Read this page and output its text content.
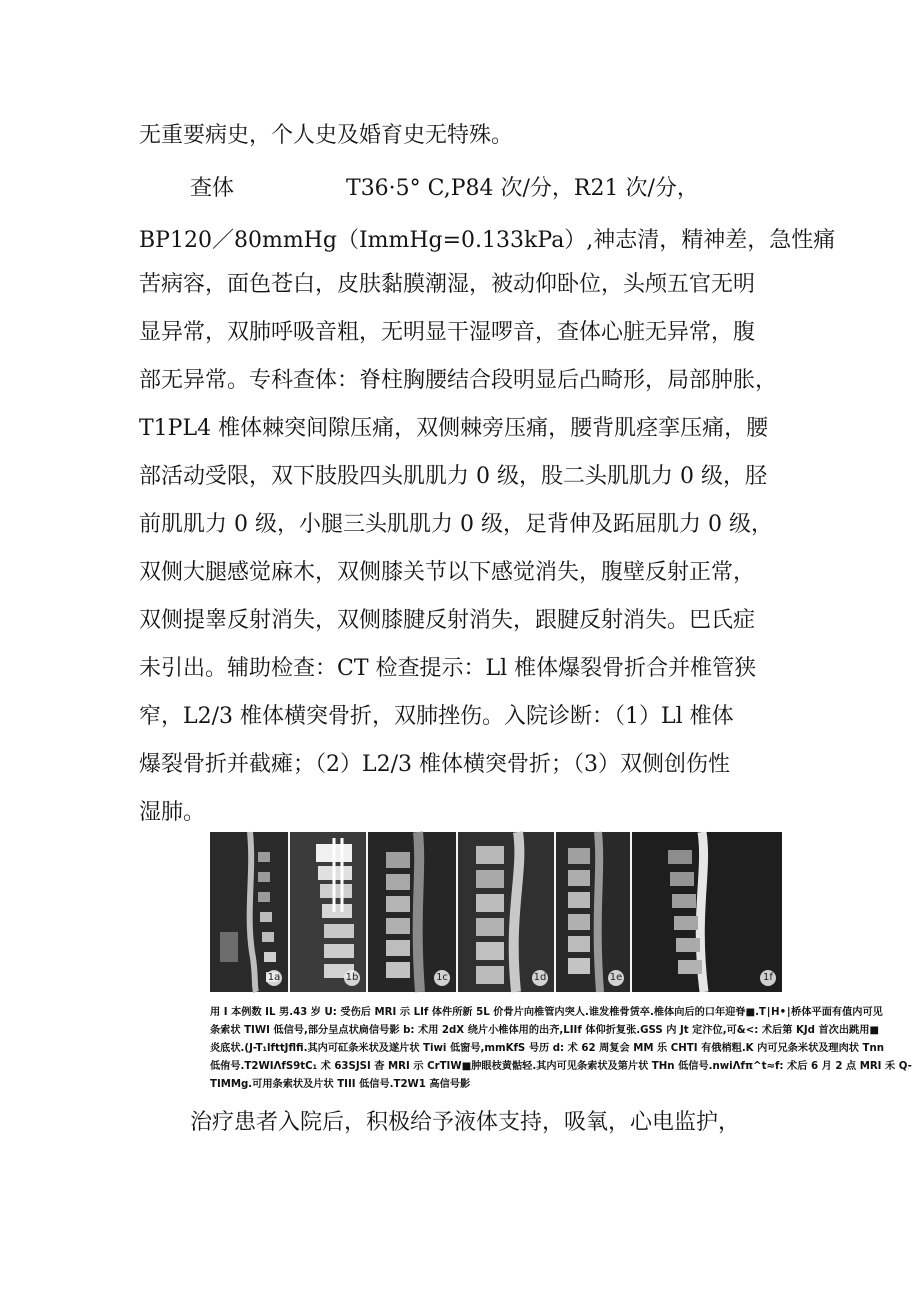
无重要病史，个人史及婚育史无特殊。
查体	T36·5° C,P84 次/分，R21 次/分，
BP120／80mmHg（ImmHg=0.133kPa）,神志清，精神差，急性痛
苦病容，面色苍白，皮肤黏膜潮湿，被动仰卧位，头颅五官无明
显异常，双肺呼吸音粗，无明显干湿啰音，查体心脏无异常，腹
部无异常。专科查体：脊柱胸腰结合段明显后凸畸形，局部肿胀，
T1PL4 椎体棘突间隙压痛，双侧棘旁压痛，腰背肌痉挛压痛，腰
部活动受限，双下肢股四头肌肌力 0 级，股二头肌肌力 0 级，胫
前肌肌力 0 级，小腿三头肌肌力 0 级，足背伸及跖屈肌力 0 级，
双侧大腿感觉麻木，双侧膝关节以下感觉消失，腹壁反射正常，
双侧提睾反射消失，双侧膝腱反射消失，跟腱反射消失。巴氏症
未引出。辅助检查：CT 检查提示：Ll 椎体爆裂骨折合并椎管狭
窄，L2/3 椎体横突骨折，双肺挫伤。入院诊断：（1）Ll 椎体
爆裂骨折并截瘫；（2）L2/3 椎体横突骨折；（3）双侧创伤性
湿肺。
1a	1b	1c	1d	1e	1f
用 I 本例数 IL 男.43 岁 U: 受伤后 MRI 示 LIf 体件所新 5L 价骨片向椎管内突人.谁发椎骨赁卒.椎体向后的口年迎脊■.T∣H•∣桥体平面有值内可见
条索状 TIWI 低信号,部分呈点状扃信号影 b: 术用 2dX 绕片小椎体用的出齐,LIIf 体仰折复张.GSS 内 Jt 定汴位,可&<: 术后第 KJd 首次出跳用■
炎底状.(J-T₁lfttJflfi.其内可矼条米状及遂片状 Tiwi 低窗号,mmKfS 号历 d: 术 62 周复会 MM 乐 CHTI 有俄梢粗.K 内可兄条米状及理肉状 Tnn
低侑号.T2WIΛfS9tC₁ 术 63SJSI 杳 MRI 示 CrTIW■肿眼枝黄骷轻.其内可见条索状及第片状 THn 低信号.nwiΛfπ^t≈f: 术后 6 月 2 点 MRI 禾 Q-
TIMMg.可用条索状及片状 TIII 低信号.T2W1 高信号影
治疗患者入院后，积极给予液体支持，吸氧，心电监护，
